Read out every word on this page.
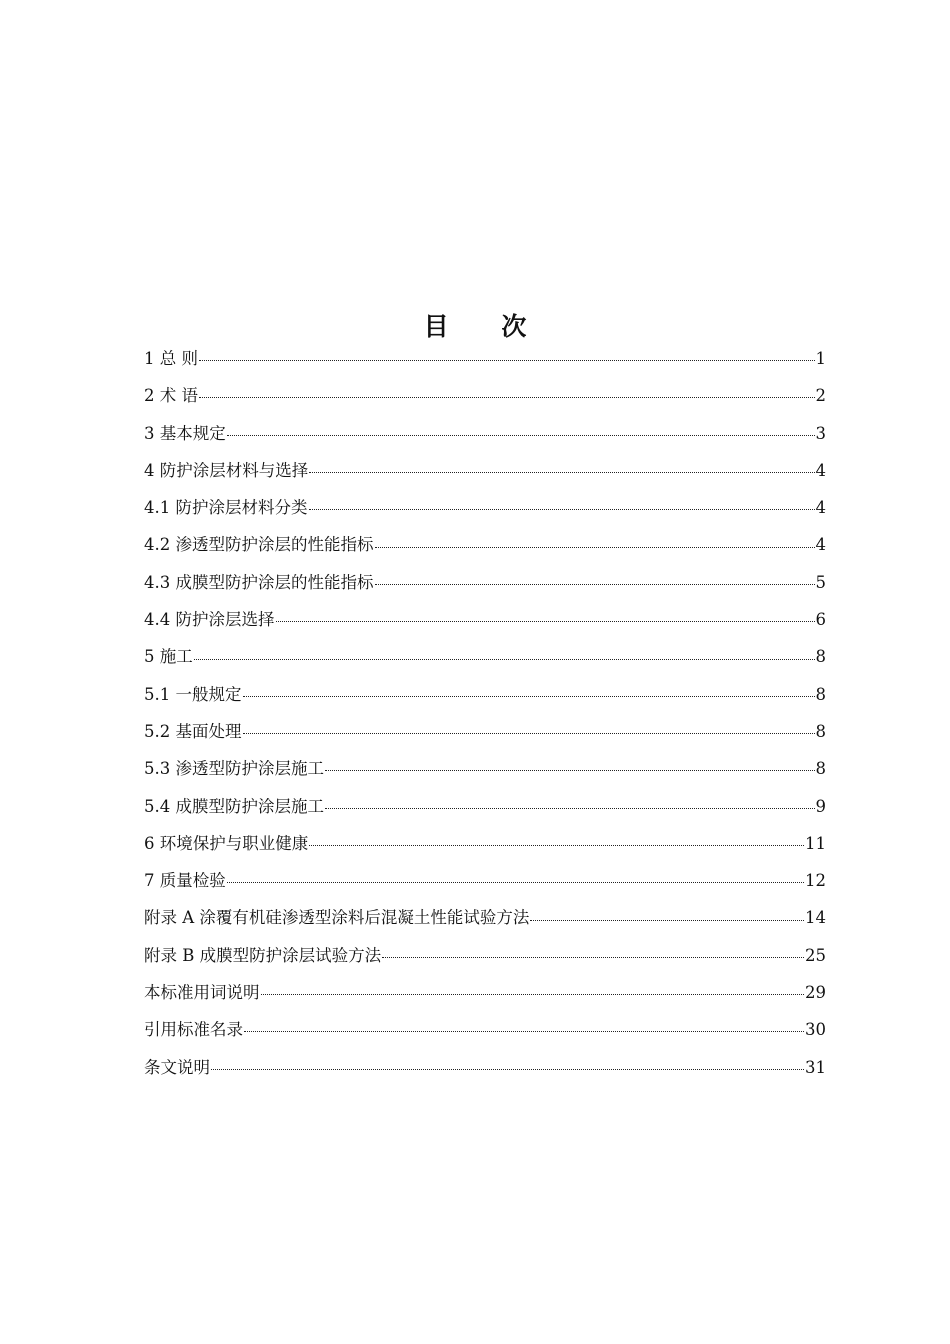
目 次
1 总 则	1
2 术 语	2
3 基本规定	3
4 防护涂层材料与选择	4
4.1 防护涂层材料分类	4
4.2 渗透型防护涂层的性能指标	4
4.3 成膜型防护涂层的性能指标	5
4.4 防护涂层选择	6
5 施工	8
5.1 一般规定	8
5.2 基面处理	8
5.3 渗透型防护涂层施工	8
5.4 成膜型防护涂层施工	9
6 环境保护与职业健康	11
7 质量检验	12
附录 A 涂覆有机硅渗透型涂料后混凝土性能试验方法	14
附录 B 成膜型防护涂层试验方法	25
本标准用词说明	29
引用标准名录	30
条文说明	31
